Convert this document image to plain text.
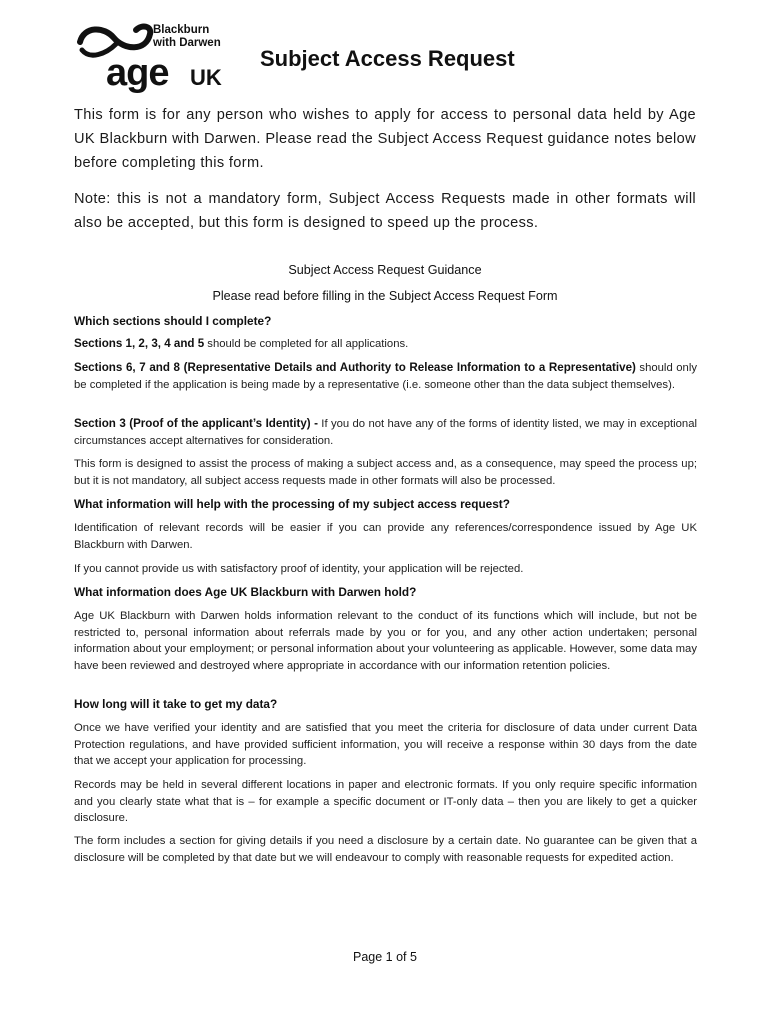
Blackburn
with Darwen
age UK
Subject Access Request
This form is for any person who wishes to apply for access to personal data held by Age UK Blackburn with Darwen. Please read the Subject Access Request guidance notes below before completing this form.
Note: this is not a mandatory form, Subject Access Requests made in other formats will also be accepted, but this form is designed to speed up the process.
Subject Access Request Guidance
Please read before filling in the Subject Access Request Form
Which sections should I complete?
Sections 1, 2, 3, 4 and 5 should be completed for all applications.
Sections 6, 7 and 8 (Representative Details and Authority to Release Information to a Representative) should only be completed if the application is being made by a representative (i.e. someone other than the data subject themselves).
Section 3 (Proof of the applicant’s Identity) - If you do not have any of the forms of identity listed, we may in exceptional circumstances accept alternatives for consideration.
This form is designed to assist the process of making a subject access and, as a consequence, may speed the process up; but it is not mandatory, all subject access requests made in other formats will also be processed.
What information will help with the processing of my subject access request?
Identification of relevant records will be easier if you can provide any references/correspondence issued by Age UK Blackburn with Darwen.
If you cannot provide us with satisfactory proof of identity, your application will be rejected.
What information does Age UK Blackburn with Darwen hold?
Age UK Blackburn with Darwen holds information relevant to the conduct of its functions which will include, but not be restricted to, personal information about referrals made by you or for you, and any other action undertaken; personal information about your employment; or personal information about your volunteering as applicable. However, some data may have been reviewed and destroyed where appropriate in accordance with our information retention policies.
How long will it take to get my data?
Once we have verified your identity and are satisfied that you meet the criteria for disclosure of data under current Data Protection regulations, and have provided sufficient information, you will receive a response within 30 days from the date that we accept your application for processing.
Records may be held in several different locations in paper and electronic formats. If you only require specific information and you clearly state what that is – for example a specific document or IT-only data – then you are likely to get a quicker disclosure.
The form includes a section for giving details if you need a disclosure by a certain date. No guarantee can be given that a disclosure will be completed by that date but we will endeavour to comply with reasonable requests for expedited action.
Page 1 of 5
